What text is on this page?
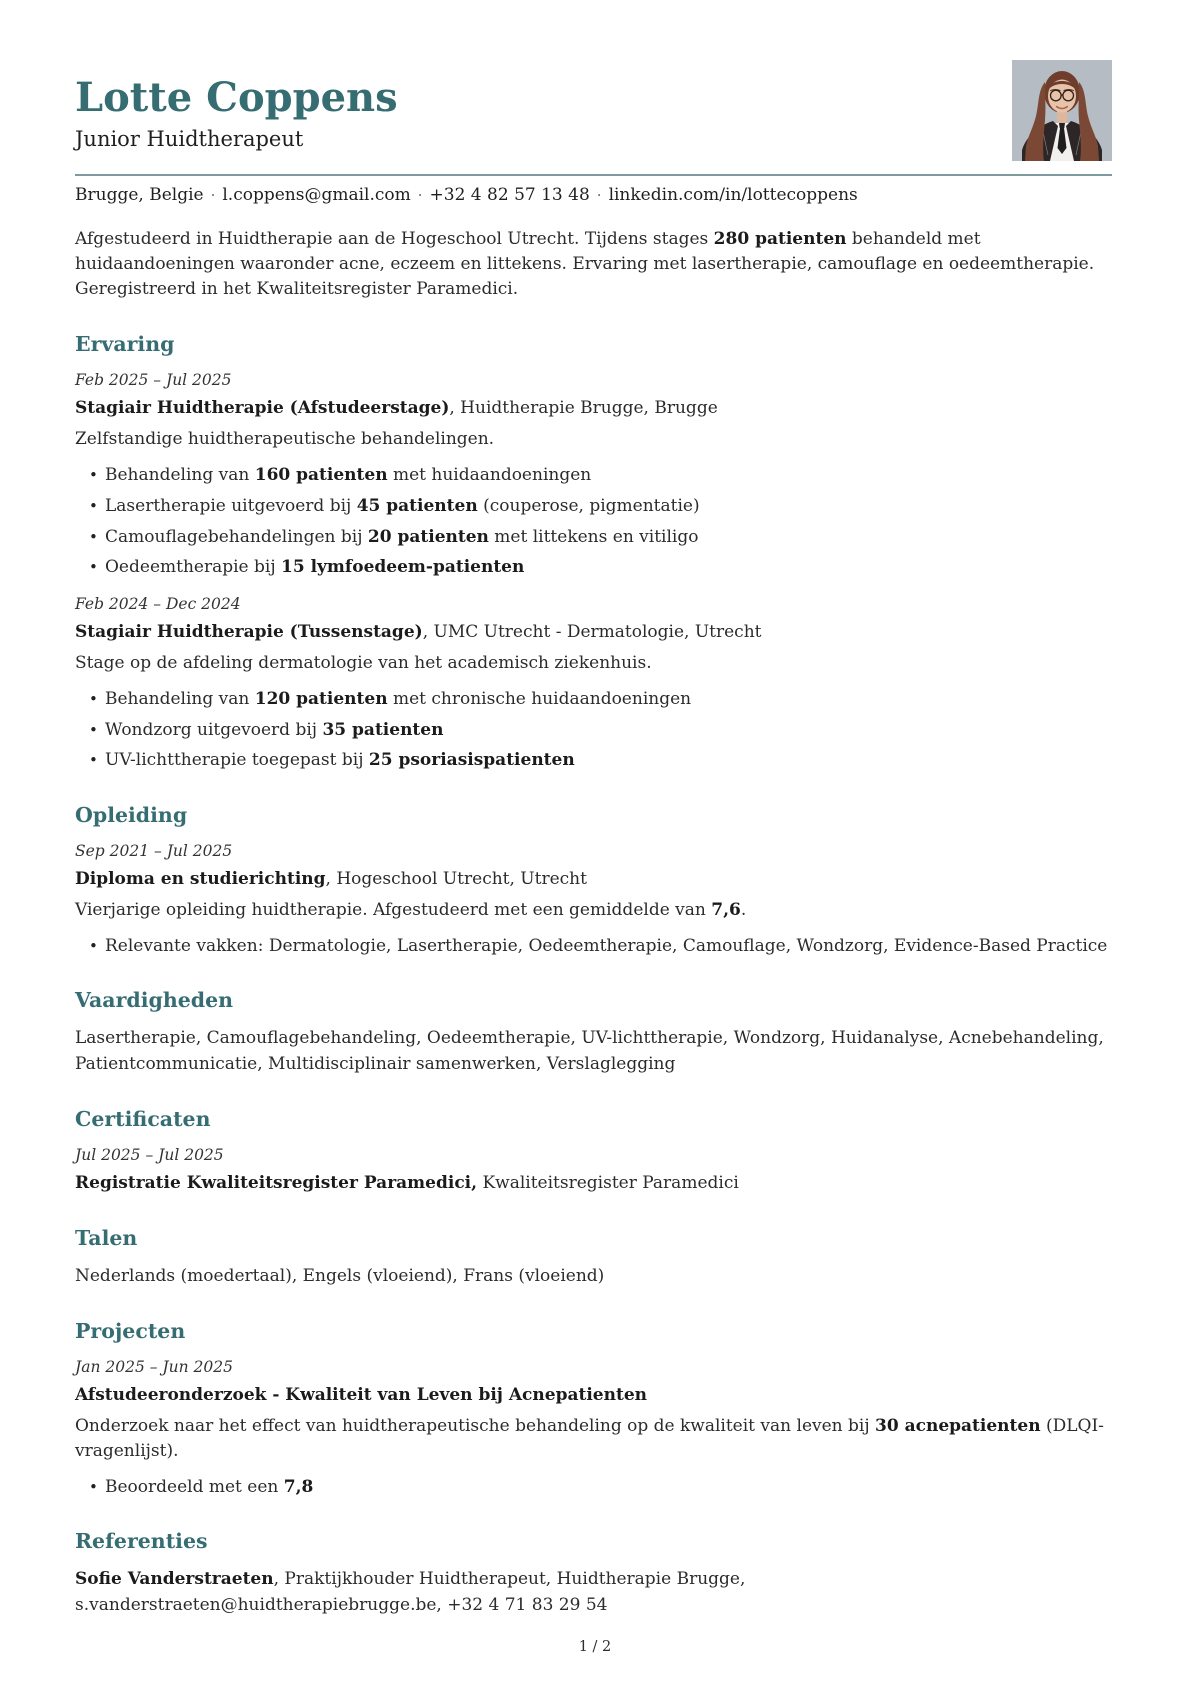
Lotte Coppens
Junior Huidtherapeut
Brugge, Belgie · l.coppens@gmail.com · +32 4 82 57 13 48 · linkedin.com/in/lottecoppens

Afgestudeerd in Huidtherapie aan de Hogeschool Utrecht. Tijdens stages 280 patienten behandeld met huidaandoeningen waaronder acne, eczeem en littekens. Ervaring met lasertherapie, camouflage en oedeemtherapie. Geregistreerd in het Kwaliteitsregister Paramedici.

Ervaring
Feb 2025 – Jul 2025
Stagiair Huidtherapie (Afstudeerstage), Huidtherapie Brugge, Brugge

Zelfstandige huidtherapeutische behandelingen.

• Behandeling van 160 patienten met huidaandoeningen
• Lasertherapie uitgevoerd bij 45 patienten (couperose, pigmentatie)
• Camouflagebehandelingen bij 20 patienten met littekens en vitiligo
• Oedeemtherapie bij 15 lymfoedeem-patienten
Feb 2024 – Dec 2024
Stagiair Huidtherapie (Tussenstage), UMC Utrecht - Dermatologie, Utrecht

Stage op de afdeling dermatologie van het academisch ziekenhuis.

• Behandeling van 120 patienten met chronische huidaandoeningen
• Wondzorg uitgevoerd bij 35 patienten
• UV-lichttherapie toegepast bij 25 psoriasispatienten
Opleiding
Sep 2021 – Jul 2025
Diploma en studierichting, Hogeschool Utrecht, Utrecht

Vierjarige opleiding huidtherapie. Afgestudeerd met een gemiddelde van 7,6.

• Relevante vakken: Dermatologie, Lasertherapie, Oedeemtherapie, Camouflage, Wondzorg, Evidence-Based Practice
Vaardigheden

Lasertherapie, Camouflagebehandeling, Oedeemtherapie, UV-lichttherapie, Wondzorg, Huidanalyse, Acnebehandeling, Patientcommunicatie, Multidisciplinair samenwerken, Verslaglegging

Certificaten
Jul 2025 – Jul 2025
Registratie Kwaliteitsregister Paramedici, Kwaliteitsregister Paramedici
Talen

Nederlands (moedertaal), Engels (vloeiend), Frans (vloeiend)

Projecten
Jan 2025 – Jun 2025
Afstudeeronderzoek - Kwaliteit van Leven bij Acnepatienten

Onderzoek naar het effect van huidtherapeutische behandeling op de kwaliteit van leven bij 30 acnepatienten (DLQI-vragenlijst).

• Beoordeeld met een 7,8
Referenties

Sofie Vanderstraeten, Praktijkhouder Huidtherapeut, Huidtherapie Brugge, s.vanderstraeten@huidtherapiebrugge.be, +32 4 71 83 29 54

1 / 2
